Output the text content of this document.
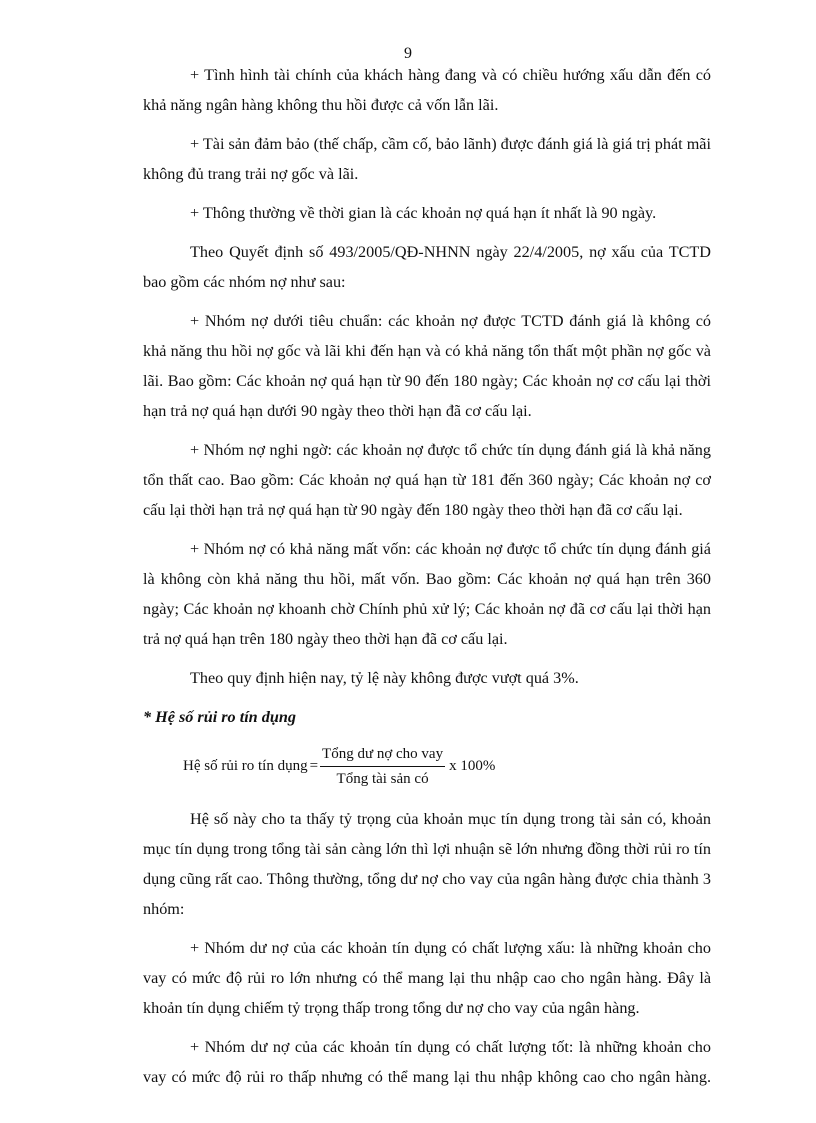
9

+ Tình hình tài chính của khách hàng đang và có chiều hướng xấu dẫn đến có khả năng ngân hàng không thu hồi được cả vốn lẫn lãi.

+ Tài sản đảm bảo (thế chấp, cầm cố, bảo lãnh) được đánh giá là giá trị phát mãi không đủ trang trải nợ gốc và lãi.

+ Thông thường về thời gian là các khoản nợ quá hạn ít nhất là 90 ngày.

Theo Quyết định số 493/2005/QĐ-NHNN ngày 22/4/2005, nợ xấu của TCTD bao gồm các nhóm nợ như sau:

+ Nhóm nợ dưới tiêu chuẩn: các khoản nợ được TCTD đánh giá là không có khả năng thu hồi nợ gốc và lãi khi đến hạn và có khả năng tổn thất một phần nợ gốc và lãi. Bao gồm: Các khoản nợ quá hạn từ 90 đến 180 ngày; Các khoản nợ cơ cấu lại thời hạn trả nợ quá hạn dưới 90 ngày theo thời hạn đã cơ cấu lại.

+ Nhóm nợ nghi ngờ: các khoản nợ được tổ chức tín dụng đánh giá là khả năng tổn thất cao. Bao gồm: Các khoản nợ quá hạn từ 181 đến 360 ngày; Các khoản nợ cơ cấu lại thời hạn trả nợ quá hạn từ 90 ngày đến 180 ngày theo thời hạn đã cơ cấu lại.

+ Nhóm nợ có khả năng mất vốn: các khoản nợ được tổ chức tín dụng đánh giá là không còn khả năng thu hồi, mất vốn. Bao gồm: Các khoản nợ quá hạn trên 360 ngày; Các khoản nợ khoanh chờ Chính phủ xử lý; Các khoản nợ đã cơ cấu lại thời hạn trả nợ quá hạn trên 180 ngày theo thời hạn đã cơ cấu lại.

Theo quy định hiện nay, tỷ lệ này không được vượt quá 3%.

* Hệ số rủi ro tín dụng

Hệ số rủi ro tín dụng = $\frac{\text{Tổng dư nợ cho vay}}{\text{Tổng tài sản có}}$ x 100%

Hệ số này cho ta thấy tỷ trọng của khoản mục tín dụng trong tài sản có, khoản mục tín dụng trong tổng tài sản càng lớn thì lợi nhuận sẽ lớn nhưng đồng thời rủi ro tín dụng cũng rất cao. Thông thường, tổng dư nợ cho vay của ngân hàng được chia thành 3 nhóm:

+ Nhóm dư nợ của các khoản tín dụng có chất lượng xấu: là những khoản cho vay có mức độ rủi ro lớn nhưng có thể mang lại thu nhập cao cho ngân hàng. Đây là khoản tín dụng chiếm tỷ trọng thấp trong tổng dư nợ cho vay của ngân hàng.

+ Nhóm dư nợ của các khoản tín dụng có chất lượng tốt: là những khoản cho vay có mức độ rủi ro thấp nhưng có thể mang lại thu nhập không cao cho ngân hàng.
